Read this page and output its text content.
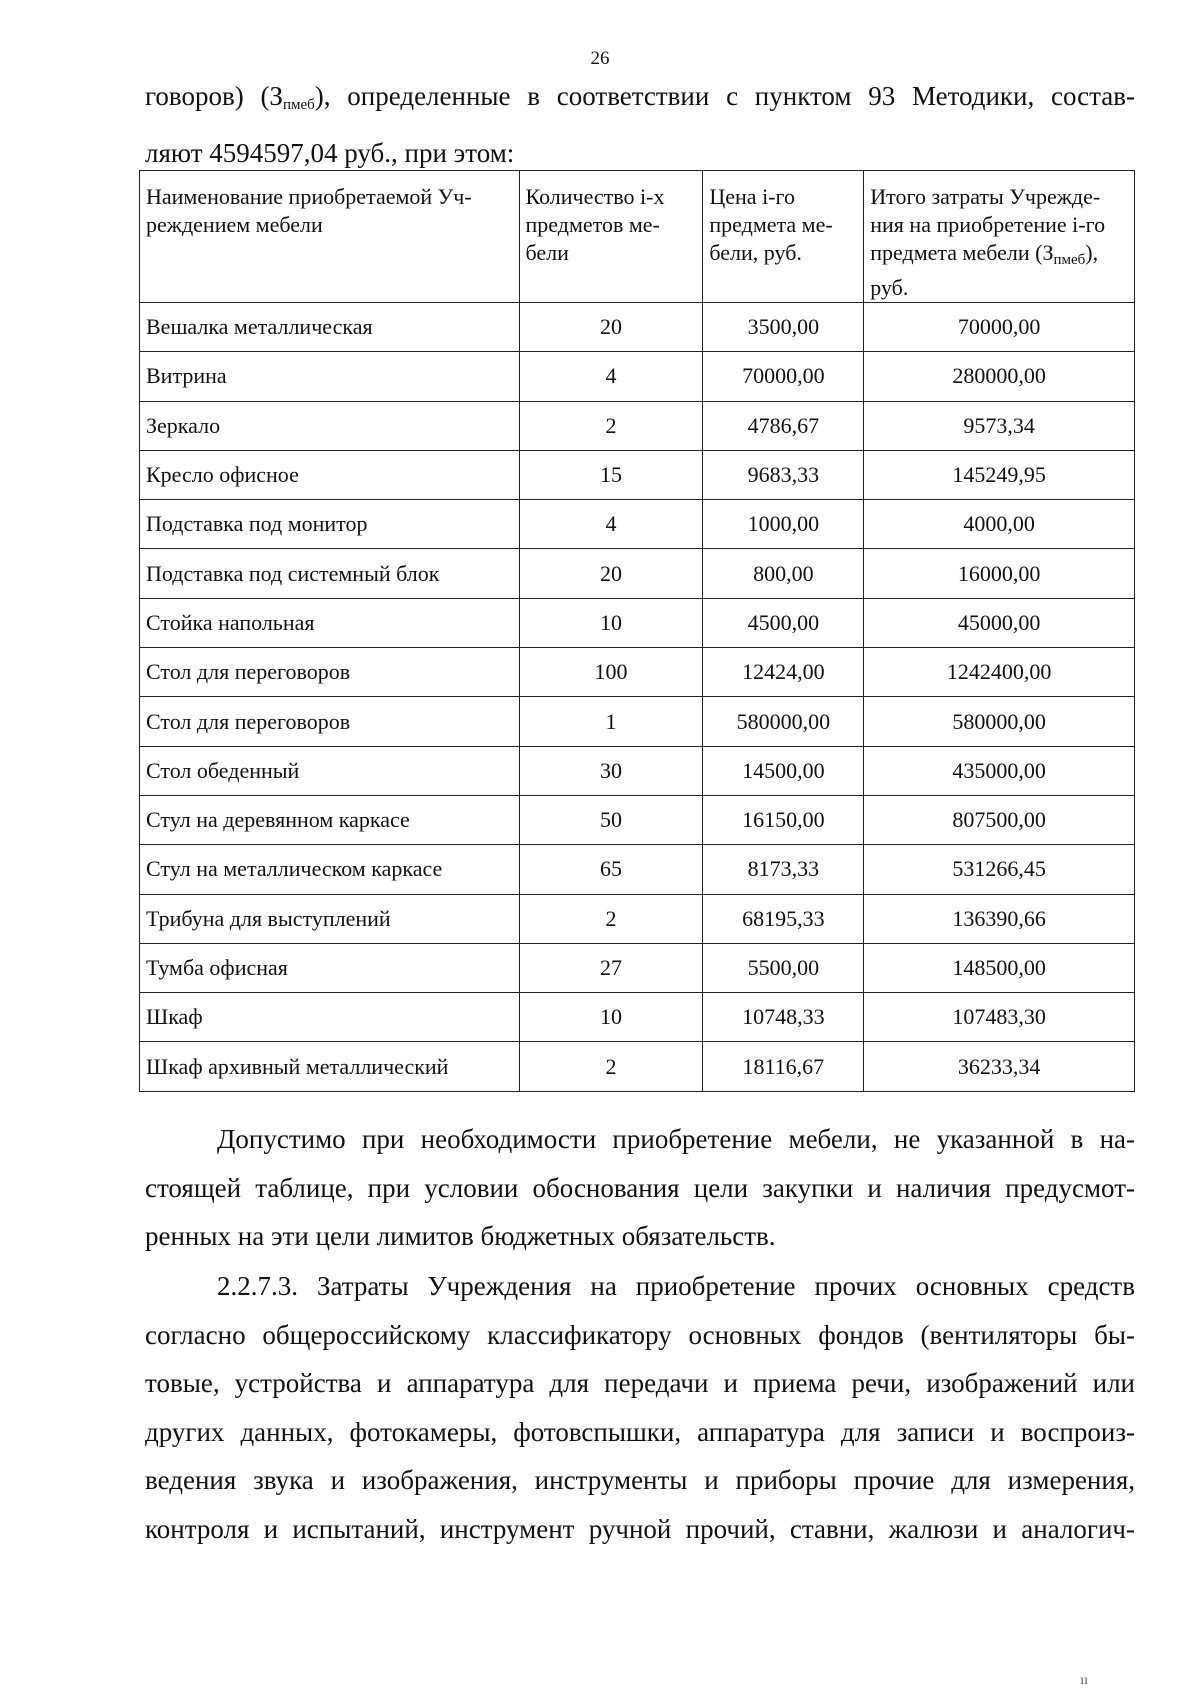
26
говоров) $(З_{пмеб})$, определенные в соответствии с пунктом 93 Методики, состав-
ляют 4594597,04 руб., при этом:
Наименование приобретаемой Уч-реждением мебели	Количество i-х предметов ме-бели	Цена i-го предмета ме-бели, руб.	Итого затраты Учрежде-ния на приобретение i-го предмета мебели $(З_{пмеб})$, руб.
Вешалка металлическая	20	3500,00	70000,00
Витрина	4	70000,00	280000,00
Зеркало	2	4786,67	9573,34
Кресло офисное	15	9683,33	145249,95
Подставка под монитор	4	1000,00	4000,00
Подставка под системный блок	20	800,00	16000,00
Стойка напольная	10	4500,00	45000,00
Стол для переговоров	100	12424,00	1242400,00
Стол для переговоров	1	580000,00	580000,00
Стол обеденный	30	14500,00	435000,00
Стул на деревянном каркасе	50	16150,00	807500,00
Стул на металлическом каркасе	65	8173,33	531266,45
Трибуна для выступлений	2	68195,33	136390,66
Тумба офисная	27	5500,00	148500,00
Шкаф	10	10748,33	107483,30
Шкаф архивный металлический	2	18116,67	36233,34
Допустимо при необходимости приобретение мебели, не указанной в на-
стоящей таблице, при условии обоснования цели закупки и наличия предусмот-
ренных на эти цели лимитов бюджетных обязательств.
2.2.7.3. Затраты Учреждения на приобретение прочих основных средств
согласно общероссийскому классификатору основных фондов (вентиляторы бы-
товые, устройства и аппаратура для передачи и приема речи, изображений или
других данных, фотокамеры, фотовспышки, аппаратура для записи и воспроиз-
ведения звука и изображения, инструменты и приборы прочие для измерения,
контроля и испытаний, инструмент ручной прочий, ставни, жалюзи и аналогич-
ıı
